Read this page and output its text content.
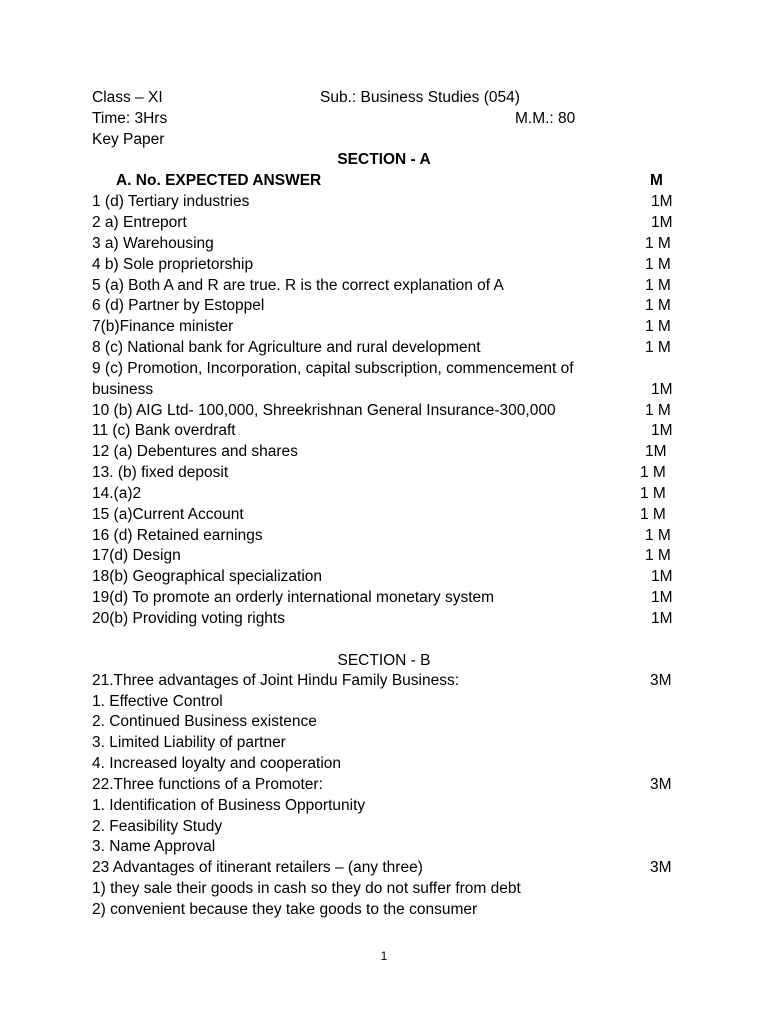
Class – XI	Sub.: Business Studies (054)
Time: 3Hrs	M.M.: 80
Key Paper
SECTION - A
A. No. EXPECTED ANSWER	M
1 (d) Tertiary industries	1M
2 a) Entreport	1M
3 a) Warehousing	1 M
4 b) Sole proprietorship	1 M
5 (a) Both A and R are true. R is the correct explanation of A	1 M
6 (d) Partner by Estoppel	1 M
7(b)Finance minister	1 M
8 (c) National bank for Agriculture and rural development	1 M
9 (c) Promotion, Incorporation, capital subscription, commencement of
business	1M
10 (b) AIG Ltd- 100,000, Shreekrishnan General Insurance-300,000	1 M
11 (c) Bank overdraft	1M
12 (a) Debentures and shares	1M
13. (b) fixed deposit	1 M
14.(a)2	1 M
15 (a)Current Account	1 M
16 (d) Retained earnings	1 M
17(d) Design	1 M
18(b) Geographical specialization	1M
19(d) To promote an orderly international monetary system	1M
20(b) Providing voting rights	1M
SECTION - B
21.Three advantages of Joint Hindu Family Business:	3M
1. Effective Control
2. Continued Business existence
3. Limited Liability of partner
4. Increased loyalty and cooperation
22.Three functions of a Promoter:	3M
1. Identification of Business Opportunity
2. Feasibility Study
3. Name Approval
23 Advantages of itinerant retailers – (any three)	3M
1) they sale their goods in cash so they do not suffer from debt
2) convenient because they take goods to the consumer
1
